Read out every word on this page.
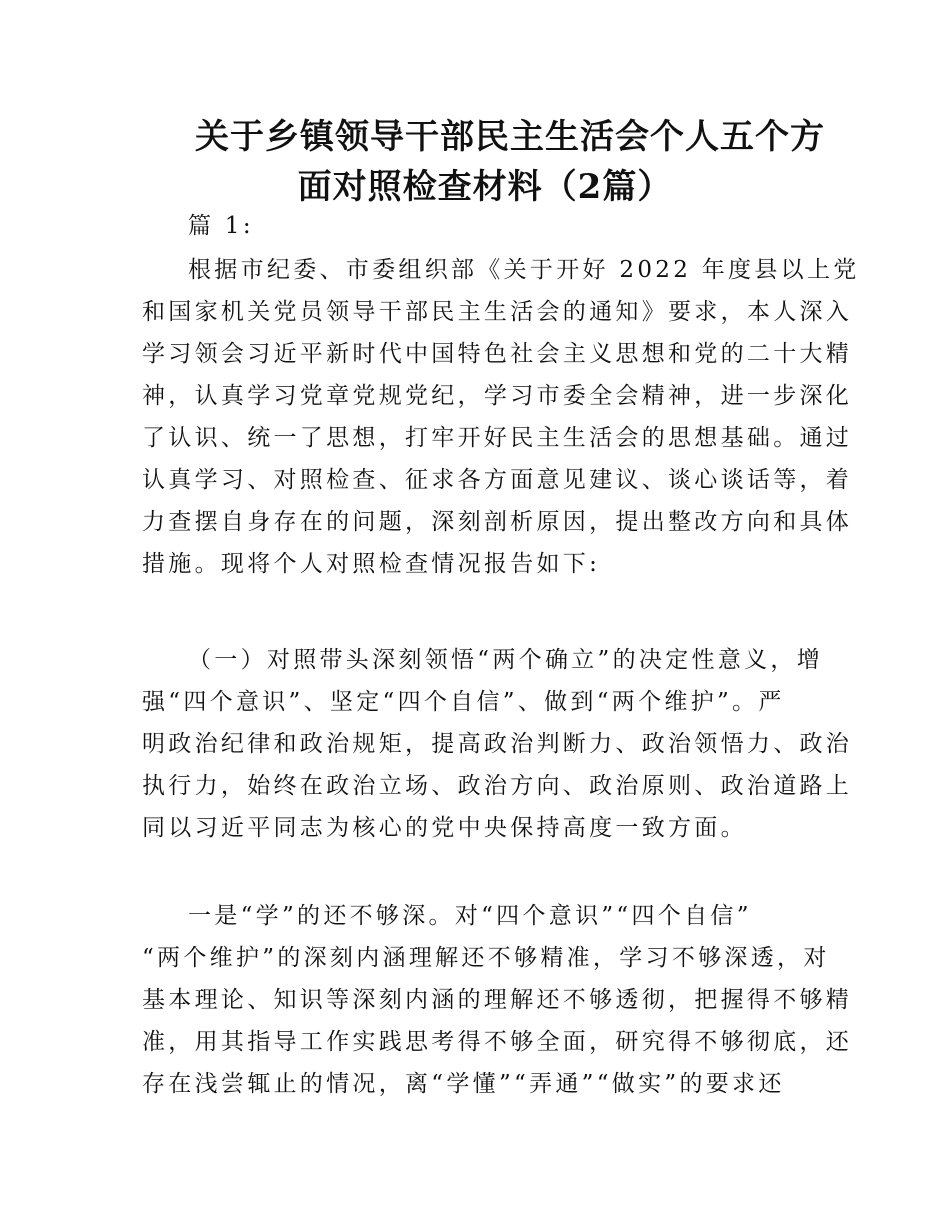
关于乡镇领导干部民主生活会个人五个方
面对照检查材料（2篇）
篇 1:
根据市纪委、市委组织部《关于开好 2022 年度县以上党
和国家机关党员领导干部民主生活会的通知》要求，本人深入
学习领会习近平新时代中国特色社会主义思想和党的二十大精
神，认真学习党章党规党纪，学习市委全会精神，进一步深化
了认识、统一了思想，打牢开好民主生活会的思想基础。通过
认真学习、对照检查、征求各方面意见建议、谈心谈话等，着
力查摆自身存在的问题，深刻剖析原因，提出整改方向和具体
措施。现将个人对照检查情况报告如下:
（一）对照带头深刻领悟“两个确立”的决定性意义，增
强“四个意识”、坚定“四个自信”、做到“两个维护”。严
明政治纪律和政治规矩，提高政治判断力、政治领悟力、政治
执行力，始终在政治立场、政治方向、政治原则、政治道路上
同以习近平同志为核心的党中央保持高度一致方面。
一是“学”的还不够深。对“四个意识”“四个自信”
“两个维护”的深刻内涵理解还不够精准，学习不够深透，对
基本理论、知识等深刻内涵的理解还不够透彻，把握得不够精
准，用其指导工作实践思考得不够全面，研究得不够彻底，还
存在浅尝辄止的情况，离“学懂”“弄通”“做实”的要求还
